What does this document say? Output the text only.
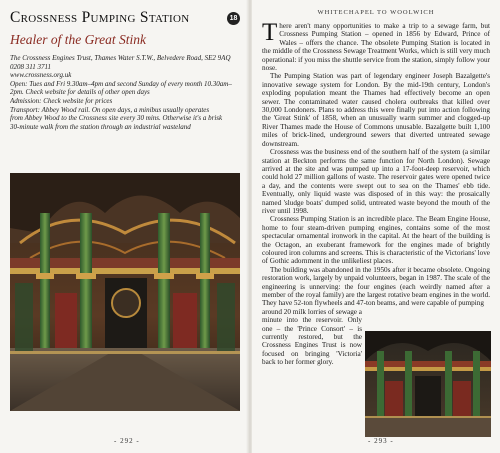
Crossness Pumping Station	18
Healer of the Great Stink
The Crossness Engines Trust, Thames Water S.T.W., Belvedere Road, SE2 9AQ
0208 311 3711
www.crossness.org.uk
Open: Tues and Fri 9.30am–4pm and second Sunday of every month 10.30am–
2pm. Check website for details of other open days
Admission: Check website for prices
Transport: Abbey Wood rail. On open days, a minibus usually operates
from Abbey Wood to the Crossness site every 30 mins. Otherwise it's a brisk
30-minute walk from the station through an industrial wasteland
- 292 -
WHITECHAPEL TO WOOLWICH

There aren't many opportunities to make a trip to a sewage farm, but Crossness Pumping Station – opened in 1856 by Edward, Prince of Wales – offers the chance. The obsolete Pumping Station is located in the middle of the Crossness Sewage Treatment Works, which is still very much operational: if you miss the shuttle service from the station, simply follow your nose.

The Pumping Station was part of legendary engineer Joseph Bazalgette's innovative sewage system for London. By the mid-19th century, London's exploding population meant the Thames had effectively become an open sewer. The contaminated water caused cholera outbreaks that killed over 30,000 Londoners. Plans to address this were finally put into action following the 'Great Stink' of 1858, when an unusually warm summer and clogged-up River Thames made the House of Commons unusable. Bazalgette built 1,100 miles of brick-lined, underground sewers that diverted untreated sewage downstream.

Crossness was the business end of the southern half of the system (a similar station at Beckton performs the same function for North London). Sewage arrived at the site and was pumped up into a 17-foot-deep reservoir, which could hold 27 million gallons of waste. The reservoir gates were opened twice a day, and the contents were swept out to sea on the Thames' ebb tide. Eventually, only liquid waste was disposed of in this way: the prosaically named 'sludge boats' dumped solid, untreated waste beyond the mouth of the river until 1998.

Crossness Pumping Station is an incredible place. The Beam Engine House, home to four steam-driven pumping engines, contains some of the most spectacular ornamental ironwork in the capital. At the heart of the building is the Octagon, an exuberant framework for the engines made of brightly coloured iron columns and screens. This is characteristic of the Victorians' love of Gothic adornment in the unlikeliest places.

The building was abandoned in the 1950s after it became obsolete. Ongoing restoration work, largely by unpaid volunteers, began in 1987. The scale of the engineering is unnerving: the four engines (each weirdly named after a member of the royal family) are the largest rotative beam engines in the world. They have 52-ton flywheels and 47-ton beams, and were capable of pumping

around 20 milk lorries of sewage a minute into the reservoir. Only one – the 'Prince Consort' – is currently restored, but the Crossness Engines Trust is now focused on bringing 'Victoria' back to her former glory.

- 293 -
